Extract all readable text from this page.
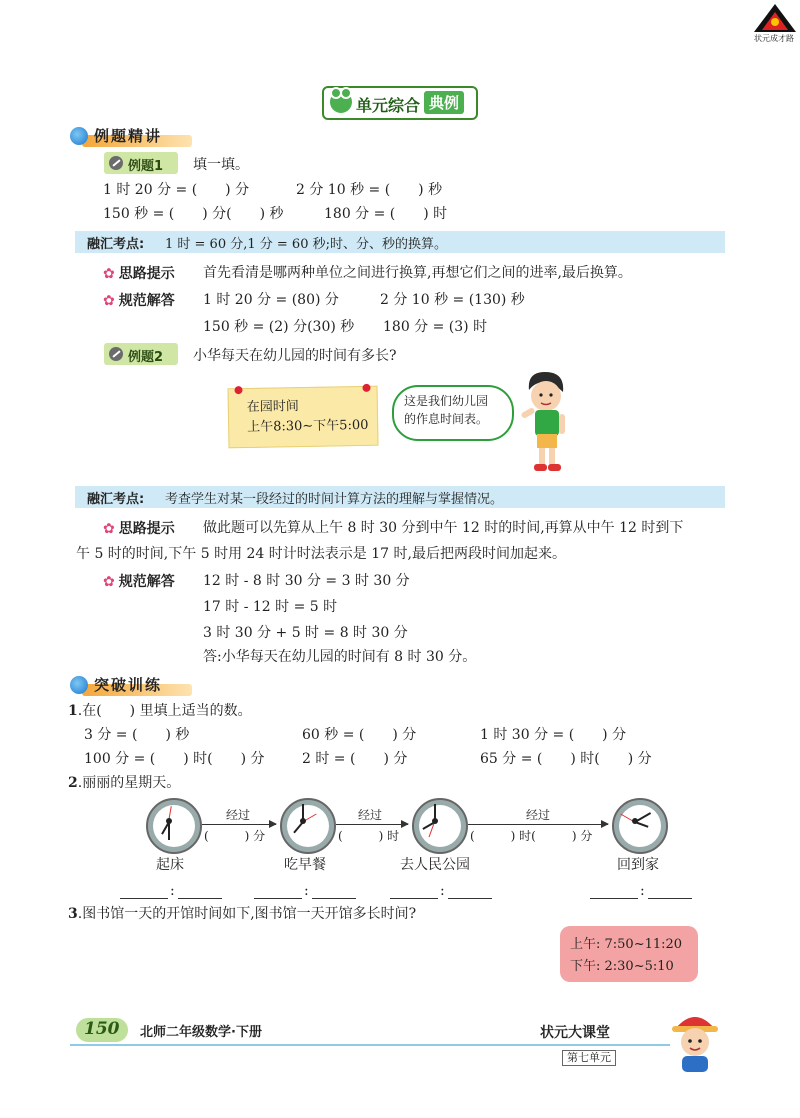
状元成才路
单元综合 典例
例题精讲
例题1 填一填。
1 时 20 分 = (　　) 分	2 分 10 秒 = (　　) 秒
150 秒 = (　　) 分(　　) 秒	180 分 = (　　) 时
融汇考点: 1 时 = 60 分,1 分 = 60 秒;时、分、秒的换算。
✿ 思路提示 首先看清是哪两种单位之间进行换算,再想它们之间的进率,最后换算。
✿ 规范解答 1 时 20 分 = (80) 分	2 分 10 秒 = (130) 秒
150 秒 = (2) 分(30) 秒 180 分 = (3) 时
例题2 小华每天在幼儿园的时间有多长?
在园时间
上午8:30~下午5:00
这是我们幼儿园
的作息时间表。
融汇考点: 考查学生对某一段经过的时间计算方法的理解与掌握情况。
✿ 思路提示 做此题可以先算从上午 8 时 30 分到中午 12 时的时间,再算从中午 12 时到下
午 5 时的时间,下午 5 时用 24 时计时法表示是 17 时,最后把两段时间加起来。
✿ 规范解答 12 时 - 8 时 30 分 = 3 时 30 分
17 时 - 12 时 = 5 时
3 时 30 分 + 5 时 = 8 时 30 分
答:小华每天在幼儿园的时间有 8 时 30 分。
突破训练
1.在(　　) 里填上适当的数。
3 分 = (　　) 秒	60 秒 = (　　) 分	1 时 30 分 = (　　) 分
100 分 = (　　) 时(　　) 分	2 时 = (　　) 分	65 分 = (　　) 时(　　) 分
2.丽丽的星期天。
经过
(　　　) 分
经过
(　　　) 时
经过
(　　　) 时(　　　) 分
起床	吃早餐	去人民公园	回到家
:	:	:	:
3.图书馆一天的开馆时间如下,图书馆一天开馆多长时间?
上午: 7:50~11:20
下午: 2:30~5:10
150 北师二年级数学·下册	状元大课堂
第七单元
